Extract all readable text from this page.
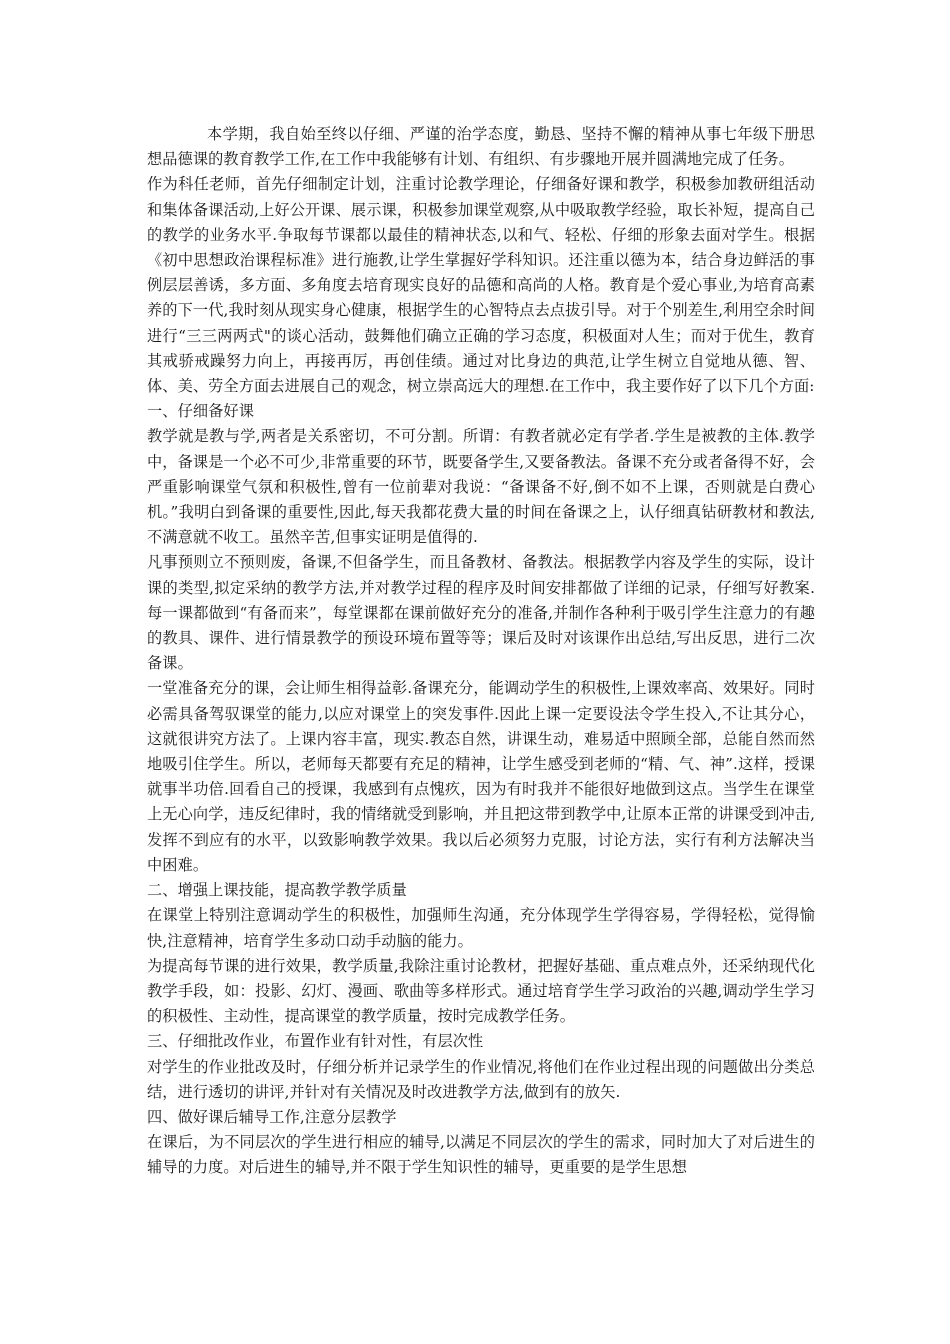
本学期，我自始至终以仔细、严谨的治学态度，勤恳、坚持不懈的精神从事七年级下册思想品德课的教育教学工作,在工作中我能够有计划、有组织、有步骤地开展并圆满地完成了任务。

作为科任老师，首先仔细制定计划，注重讨论教学理论，仔细备好课和教学，积极参加教研组活动和集体备课活动,上好公开课、展示课，积极参加课堂观察,从中吸取教学经验，取长补短，提高自己的教学的业务水平.争取每节课都以最佳的精神状态,以和气、轻松、仔细的形象去面对学生。根据《初中思想政治课程标准》进行施教,让学生掌握好学科知识。还注重以德为本，结合身边鲜活的事例层层善诱，多方面、多角度去培育现实良好的品德和高尚的人格。教育是个爱心事业,为培育高素养的下一代,我时刻从现实身心健康，根据学生的心智特点去点拔引导。对于个别差生,利用空余时间进行“三三两两式"的谈心活动，鼓舞他们确立正确的学习态度，积极面对人生；而对于优生，教育其戒骄戒躁努力向上，再接再厉，再创佳绩。通过对比身边的典范,让学生树立自觉地从德、智、体、美、劳全方面去进展自己的观念，树立崇高远大的理想.在工作中，我主要作好了以下几个方面:

一、仔细备好课

教学就是教与学,两者是关系密切，不可分割。所谓：有教者就必定有学者.学生是被教的主体.教学中，备课是一个必不可少,非常重要的环节，既要备学生,又要备教法。备课不充分或者备得不好，会严重影响课堂气氛和积极性,曾有一位前辈对我说：“备课备不好,倒不如不上课，否则就是白费心机。”我明白到备课的重要性,因此,每天我都花费大量的时间在备课之上，认仔细真钻研教材和教法,不满意就不收工。虽然辛苦,但事实证明是值得的.

凡事预则立不预则废，备课,不但备学生，而且备教材、备教法。根据教学内容及学生的实际，设计课的类型,拟定采纳的教学方法,并对教学过程的程序及时间安排都做了详细的记录，仔细写好教案.每一课都做到“有备而来”，每堂课都在课前做好充分的准备,并制作各种利于吸引学生注意力的有趣的教具、课件、进行情景教学的预设环境布置等等；课后及时对该课作出总结,写出反思，进行二次备课。

一堂准备充分的课，会让师生相得益彰.备课充分，能调动学生的积极性,上课效率高、效果好。同时必需具备驾驭课堂的能力,以应对课堂上的突发事件.因此上课一定要设法令学生投入,不让其分心，这就很讲究方法了。上课内容丰富，现实.教态自然，讲课生动，难易适中照顾全部，总能自然而然地吸引住学生。所以，老师每天都要有充足的精神，让学生感受到老师的“精、气、神”.这样，授课就事半功倍.回看自己的授课，我感到有点愧疚，因为有时我并不能很好地做到这点。当学生在课堂上无心向学，违反纪律时，我的情绪就受到影响，并且把这带到教学中,让原本正常的讲课受到冲击,发挥不到应有的水平，以致影响教学效果。我以后必须努力克服，讨论方法，实行有利方法解决当中困难。

二、增强上课技能，提高教学教学质量

在课堂上特别注意调动学生的积极性，加强师生沟通，充分体现学生学得容易，学得轻松，觉得愉快,注意精神，培育学生多动口动手动脑的能力。

为提高每节课的进行效果，教学质量,我除注重讨论教材，把握好基础、重点难点外，还采纳现代化教学手段，如：投影、幻灯、漫画、歌曲等多样形式。通过培育学生学习政治的兴趣,调动学生学习的积极性、主动性，提高课堂的教学质量，按时完成教学任务。

三、仔细批改作业，布置作业有针对性，有层次性

对学生的作业批改及时，仔细分析并记录学生的作业情况,将他们在作业过程出现的问题做出分类总结，进行透切的讲评,并针对有关情况及时改进教学方法,做到有的放矢.

四、做好课后辅导工作,注意分层教学

在课后，为不同层次的学生进行相应的辅导,以满足不同层次的学生的需求，同时加大了对后进生的辅导的力度。对后进生的辅导,并不限于学生知识性的辅导，更重要的是学生思想
